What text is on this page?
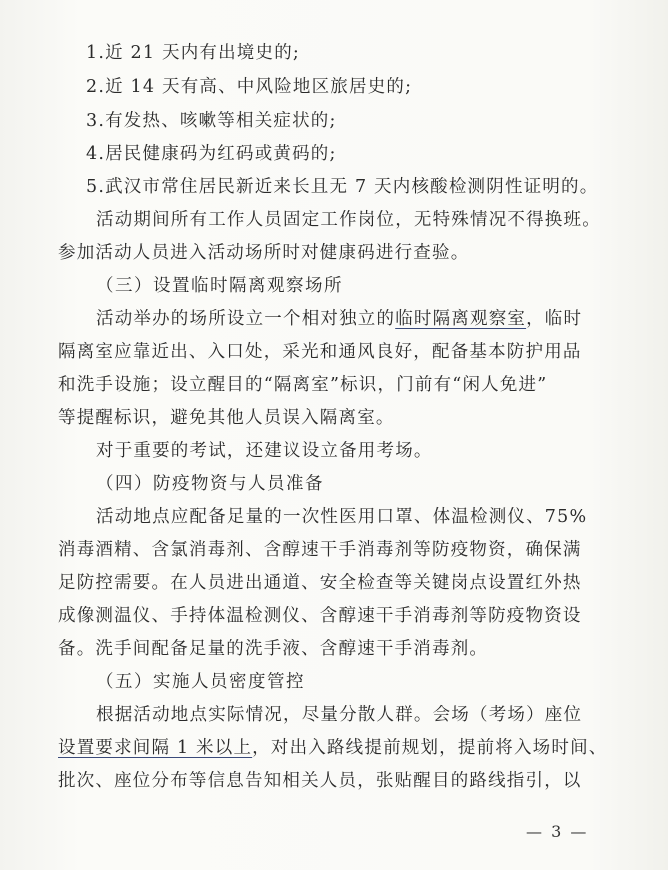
1.近 21 天内有出境史的;
2.近 14 天有高、中风险地区旅居史的;
3.有发热、咳嗽等相关症状的;
4.居民健康码为红码或黄码的;
5.武汉市常住居民新近来长且无 7 天内核酸检测阴性证明的。
活动期间所有工作人员固定工作岗位，无特殊情况不得换班。
参加活动人员进入活动场所时对健康码进行查验。
（三）设置临时隔离观察场所
活动举办的场所设立一个相对独立的临时隔离观察室，临时
隔离室应靠近出、入口处，采光和通风良好，配备基本防护用品
和洗手设施；设立醒目的“隔离室”标识，门前有“闲人免进”
等提醒标识，避免其他人员误入隔离室。
对于重要的考试，还建议设立备用考场。
（四）防疫物资与人员准备
活动地点应配备足量的一次性医用口罩、体温检测仪、75%
消毒酒精、含氯消毒剂、含醇速干手消毒剂等防疫物资，确保满
足防控需要。在人员进出通道、安全检查等关键岗点设置红外热
成像测温仪、手持体温检测仪、含醇速干手消毒剂等防疫物资设
备。洗手间配备足量的洗手液、含醇速干手消毒剂。
（五）实施人员密度管控
根据活动地点实际情况，尽量分散人群。会场（考场）座位
设置要求间隔 1 米以上，对出入路线提前规划，提前将入场时间、
批次、座位分布等信息告知相关人员，张贴醒目的路线指引，以
— 3 —
